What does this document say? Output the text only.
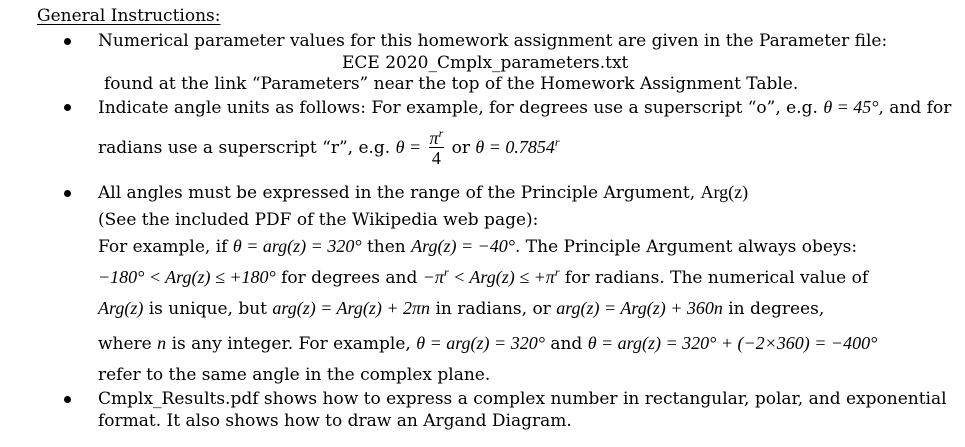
General Instructions:
Numerical parameter values for this homework assignment are given in the Parameter file:
ECE 2020_Cmplx_parameters.txt
found at the link “Parameters” near the top of the Homework Assignment Table.
Indicate angle units as follows: For example, for degrees use a superscript “o”, e.g. θ = 45°, and for
radians use a superscript “r”, e.g. $\theta = \frac{\pi^r}{4}$ or $\theta = 0.7854^r$
All angles must be expressed in the range of the Principle Argument, Arg(z)
(See the included PDF of the Wikipedia web page):
For example, if θ = arg(z) = 320° then Arg(z) = −40°. The Principle Argument always obeys:
−180° < Arg(z) ≤ +180° for degrees and $-\pi^r < Arg(z) \le +\pi^r$ for radians. The numerical value of
Arg(z) is unique, but arg(z) = Arg(z) + 2πn in radians, or arg(z) = Arg(z) + 360n in degrees,
where n is any integer. For example, θ = arg(z) = 320° and θ = arg(z) = 320° + (−2×360) = −400°
refer to the same angle in the complex plane.
Cmplx_Results.pdf shows how to express a complex number in rectangular, polar, and exponential
format. It also shows how to draw an Argand Diagram.
